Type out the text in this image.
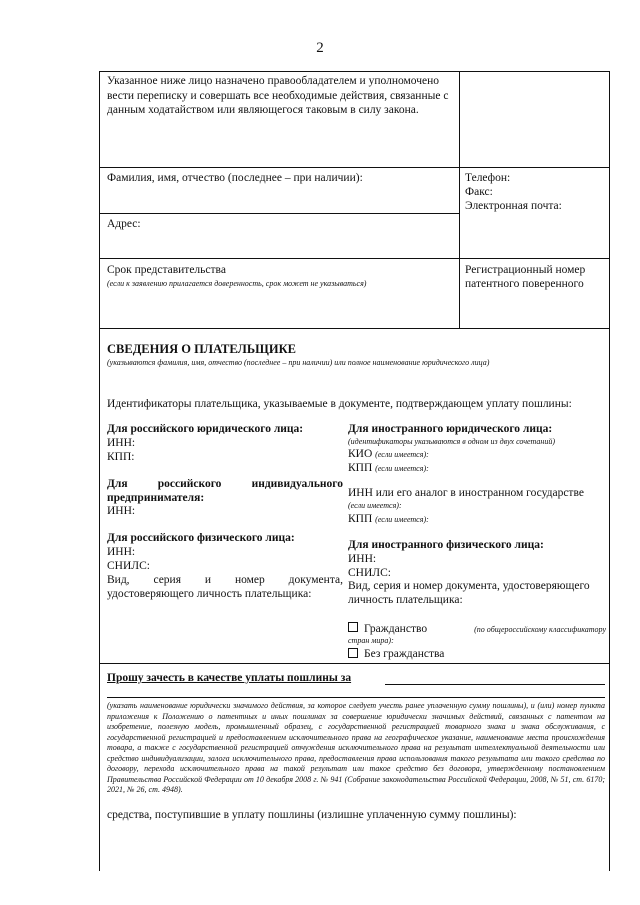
2
Указанное ниже лицо назначено правообладателем и уполномочено вести переписку и совершать все необходимые действия, связанные с данным ходатайством или являющегося таковым в силу закона.
Фамилия, имя, отчество (последнее – при наличии):	Телефон:
Факс:
Электронная почта:
Адрес:
Срок представительства
(если к заявлению прилагается доверенность, срок может не указываться)
Регистрационный номер патентного поверенного
СВЕДЕНИЯ О ПЛАТЕЛЬЩИКЕ
(указываются фамилия, имя, отчество (последнее – при наличии) или полное наименование юридического лица)
Идентификаторы плательщика, указываемые в документе, подтверждающем уплату пошлины:
Для российского юридического лица:
ИНН:
КПП:
Для	российского	индивидуального
предпринимателя:
ИНН:
Для российского физического лица:
ИНН:
СНИЛС:
Вид, серия и номер документа,
удостоверяющего личность плательщика:
Для иностранного юридического лица:
(идентификаторы указываются в одном из двух сочетаний)
КИО (если имеется):
КПП (если имеется):
ИНН или его аналог в иностранном государстве
(если имеется):
КПП (если имеется):
Для иностранного физического лица:
ИНН:
СНИЛС:
Вид, серия и номер документа, удостоверяющего
личность плательщика:
Гражданство	(по общероссийскому классификатору
стран мира):
Без гражданства
Прошу зачесть в качестве уплаты пошлины за
(указать наименование юридически значимого действия, за которое следует учесть ранее уплаченную сумму пошлины), и (или) номер пункта приложения к Положению о патентных и иных пошлинах за совершение юридически значимых действий, связанных с патентом на изобретение, полезную модель, промышленный образец, с государственной регистрацией товарного знака и знака обслуживания, с государственной регистрацией и предоставлением исключительного права на географическое указание, наименование места происхождения товара, а также с государственной регистрацией отчуждения исключительного права на результат интеллектуальной деятельности или средство индивидуализации, залога исключительного права, предоставления права использования такого результата или такого средства по договору, перехода исключительного права на такой результат или такое средство без договора, утвержденному постановлением Правительства Российской Федерации от 10 декабря 2008 г. № 941 (Собрание законодательства Российской Федерации, 2008, № 51, ст. 6170; 2021, № 26, ст. 4948).
средства, поступившие в уплату пошлины (излишне уплаченную сумму пошлины):
